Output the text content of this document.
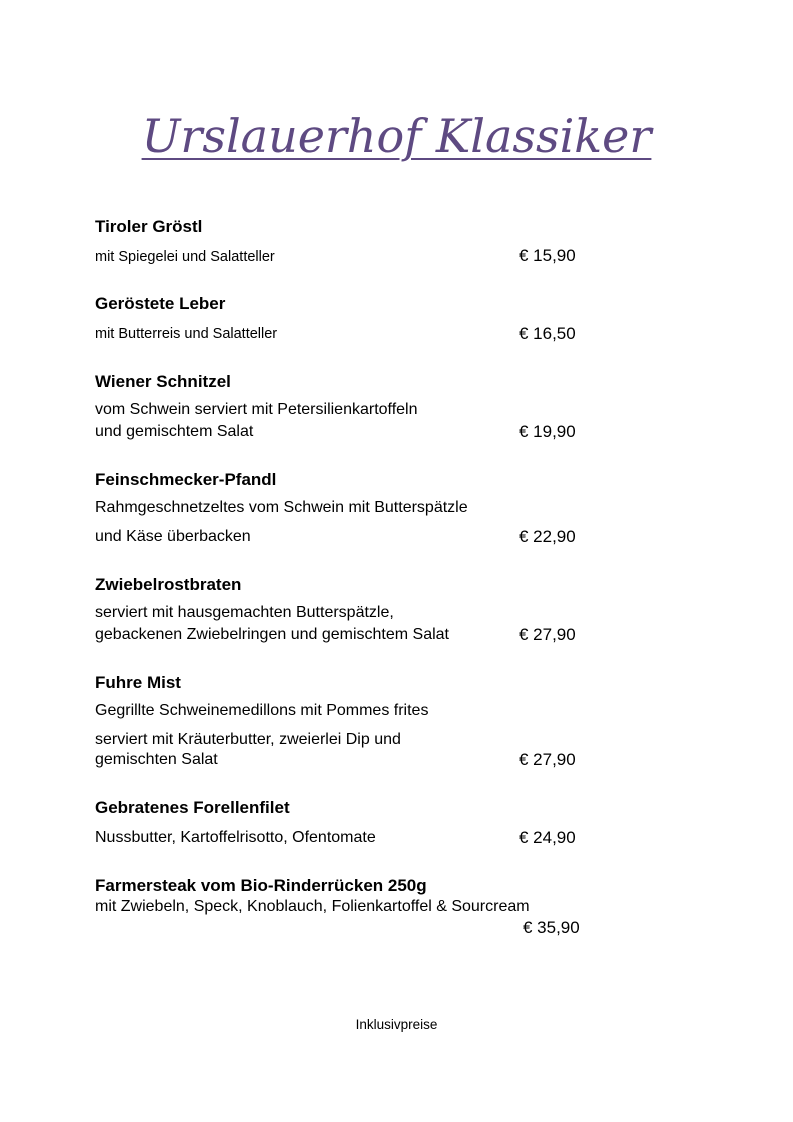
Urslauerhof Klassiker
Tiroler Gröstl
mit Spiegelei und Salatteller	€ 15,90
Geröstete Leber
mit Butterreis und Salatteller	€ 16,50
Wiener Schnitzel
vom Schwein serviert mit Petersilienkartoffeln
und gemischtem Salat	€ 19,90
Feinschmecker-Pfandl
Rahmgeschnetzeltes vom Schwein mit Butterspätzle
und Käse überbacken	€ 22,90
Zwiebelrostbraten
serviert mit hausgemachten Butterspätzle,
gebackenen Zwiebelringen und gemischtem Salat	€ 27,90
Fuhre Mist
Gegrillte Schweinemedillons mit Pommes frites
serviert mit Kräuterbutter, zweierlei Dip und
gemischten Salat	€ 27,90
Gebratenes Forellenfilet
Nussbutter, Kartoffelrisotto, Ofentomate	€ 24,90
Farmersteak vom Bio-Rinderrücken 250g
mit Zwiebeln, Speck, Knoblauch, Folienkartoffel & Sourcream
€ 35,90
Inklusivpreise
